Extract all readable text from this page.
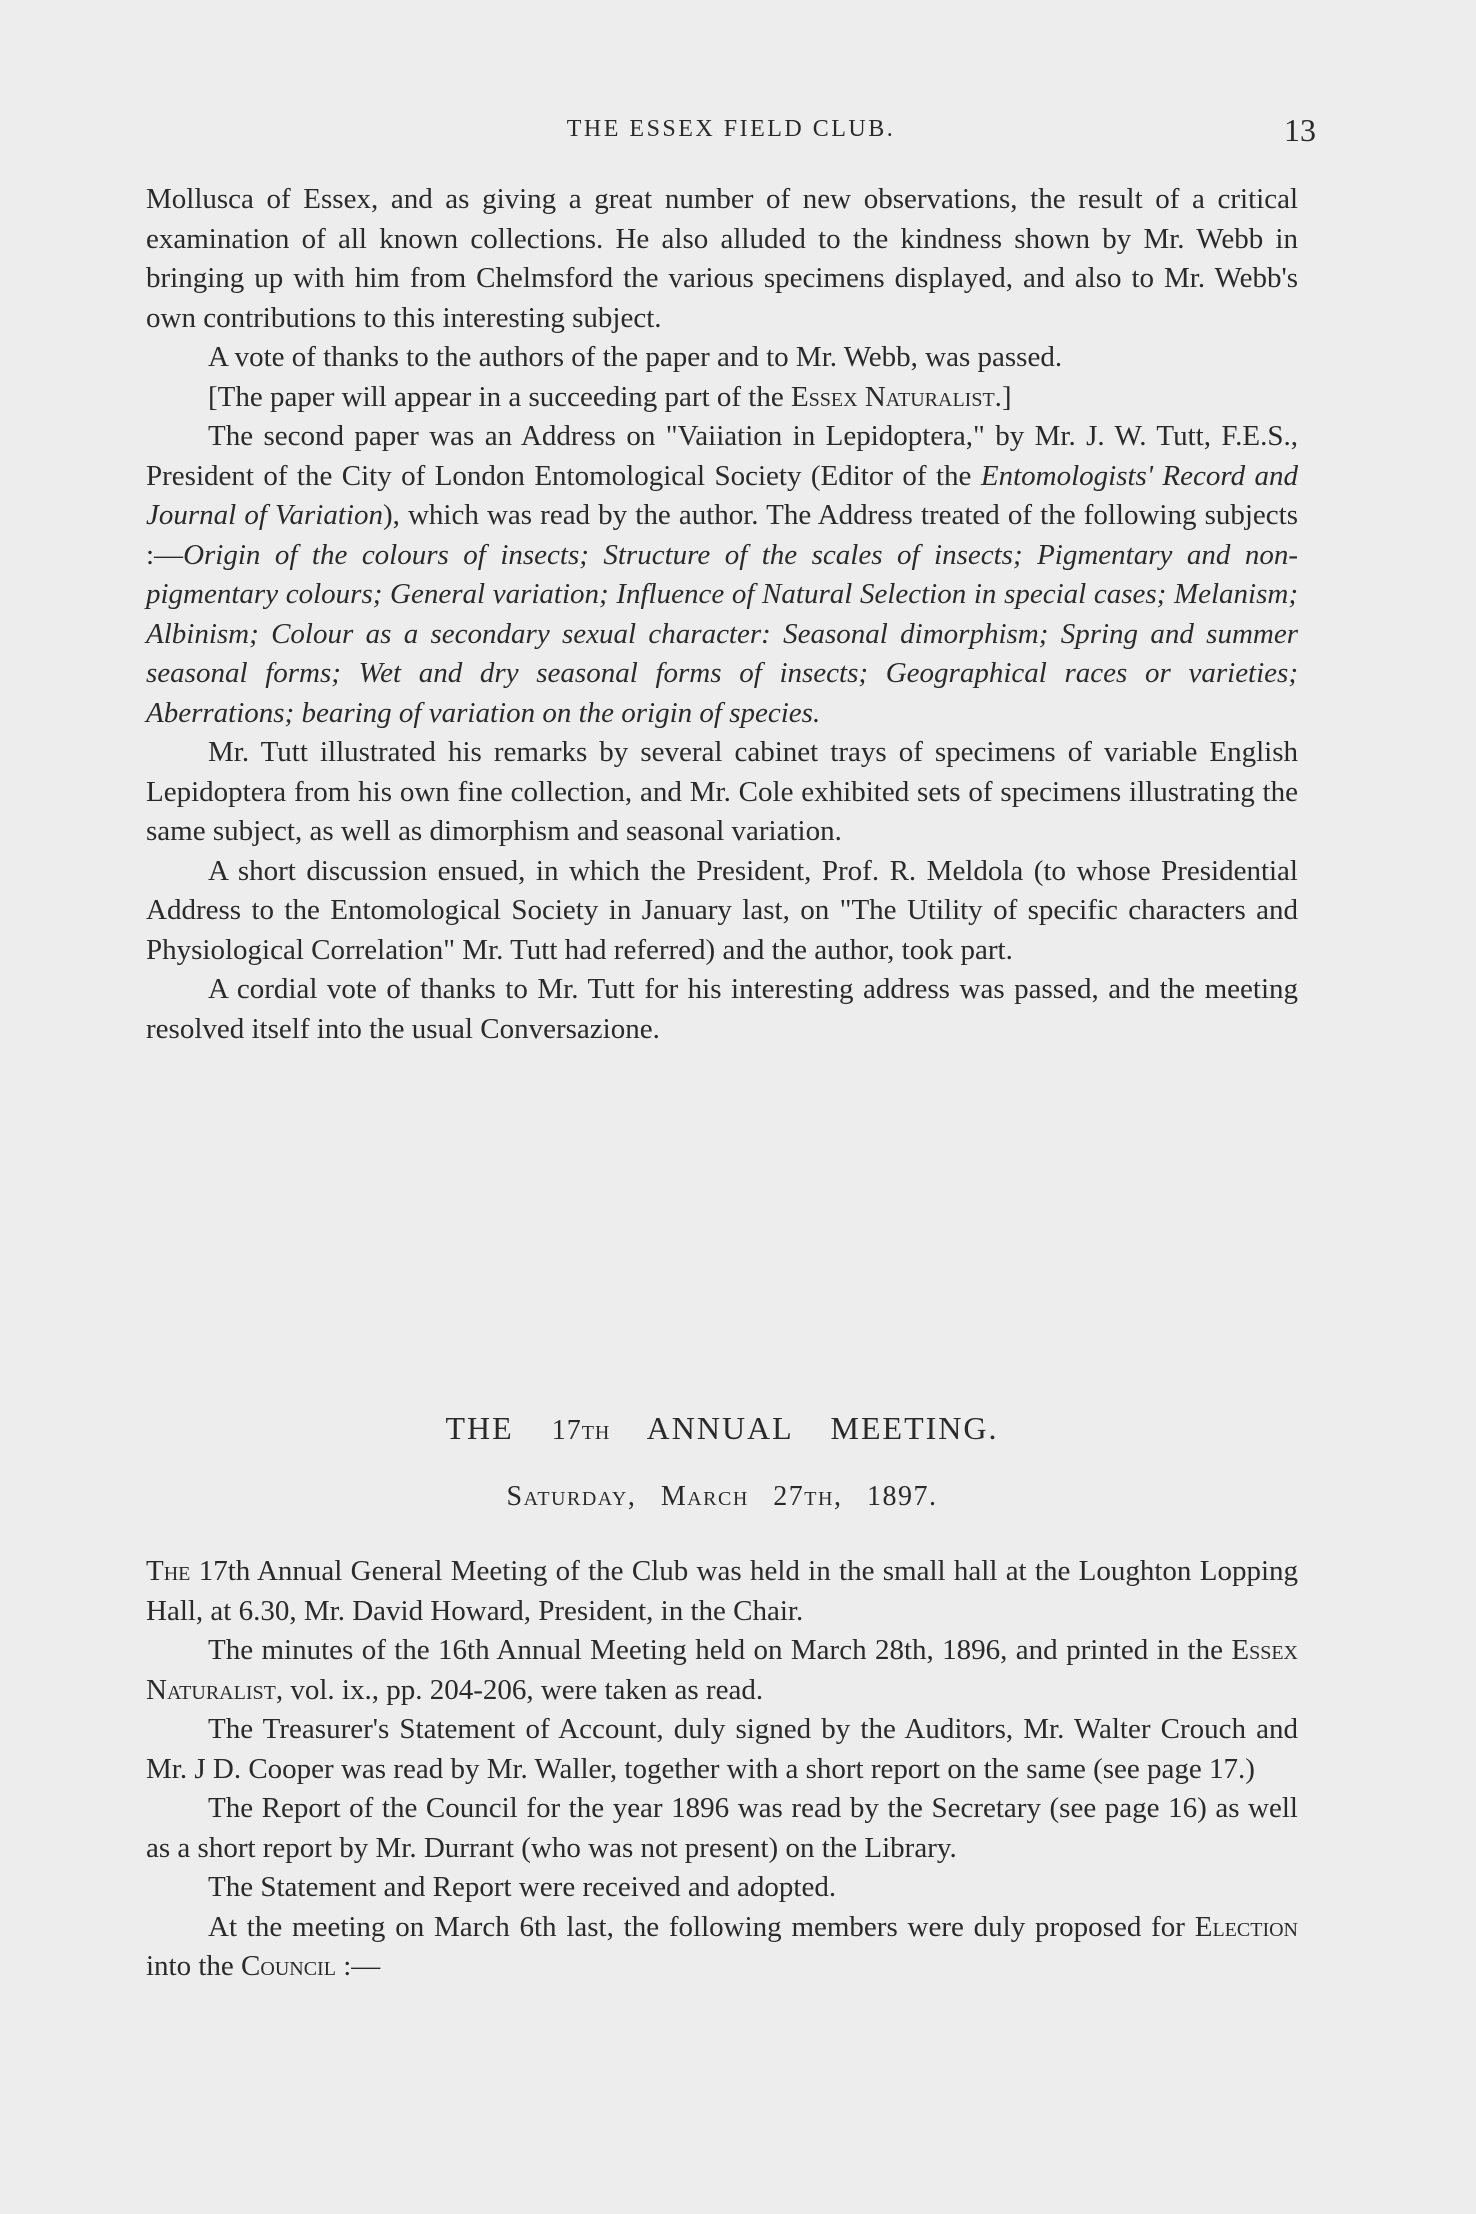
THE ESSEX FIELD CLUB.	13

Mollusca of Essex, and as giving a great number of new observations, the result of a critical examination of all known collections. He also alluded to the kindness shown by Mr. Webb in bringing up with him from Chelmsford the various specimens displayed, and also to Mr. Webb's own contributions to this interesting subject.

A vote of thanks to the authors of the paper and to Mr. Webb, was passed.

[The paper will appear in a succeeding part of the Essex Naturalist.]

The second paper was an Address on "Vaiiation in Lepidoptera," by Mr. J. W. Tutt, F.E.S., President of the City of London Entomological Society (Editor of the Entomologists' Record and Journal of Variation), which was read by the author. The Address treated of the following subjects :—Origin of the colours of insects; Structure of the scales of insects; Pigmentary and non-pigmentary colours; General variation; Influence of Natural Selection in special cases; Melanism; Albinism; Colour as a secondary sexual character: Seasonal dimorphism; Spring and summer seasonal forms; Wet and dry seasonal forms of insects; Geographical races or varieties; Aberrations; bearing of variation on the origin of species.

Mr. Tutt illustrated his remarks by several cabinet trays of specimens of variable English Lepidoptera from his own fine collection, and Mr. Cole exhibited sets of specimens illustrating the same subject, as well as dimorphism and seasonal variation.

A short discussion ensued, in which the President, Prof. R. Meldola (to whose Presidential Address to the Entomological Society in January last, on "The Utility of specific characters and Physiological Correlation" Mr. Tutt had referred) and the author, took part.

A cordial vote of thanks to Mr. Tutt for his interesting address was passed, and the meeting resolved itself into the usual Conversazione.

THE 17th ANNUAL MEETING.
Saturday, March 27th, 1897.

The 17th Annual General Meeting of the Club was held in the small hall at the Loughton Lopping Hall, at 6.30, Mr. David Howard, President, in the Chair.

The minutes of the 16th Annual Meeting held on March 28th, 1896, and printed in the Essex Naturalist, vol. ix., pp. 204-206, were taken as read.

The Treasurer's Statement of Account, duly signed by the Auditors, Mr. Walter Crouch and Mr. J D. Cooper was read by Mr. Waller, together with a short report on the same (see page 17.)

The Report of the Council for the year 1896 was read by the Secretary (see page 16) as well as a short report by Mr. Durrant (who was not present) on the Library.

The Statement and Report were received and adopted.

At the meeting on March 6th last, the following members were duly proposed for Election into the Council :—
